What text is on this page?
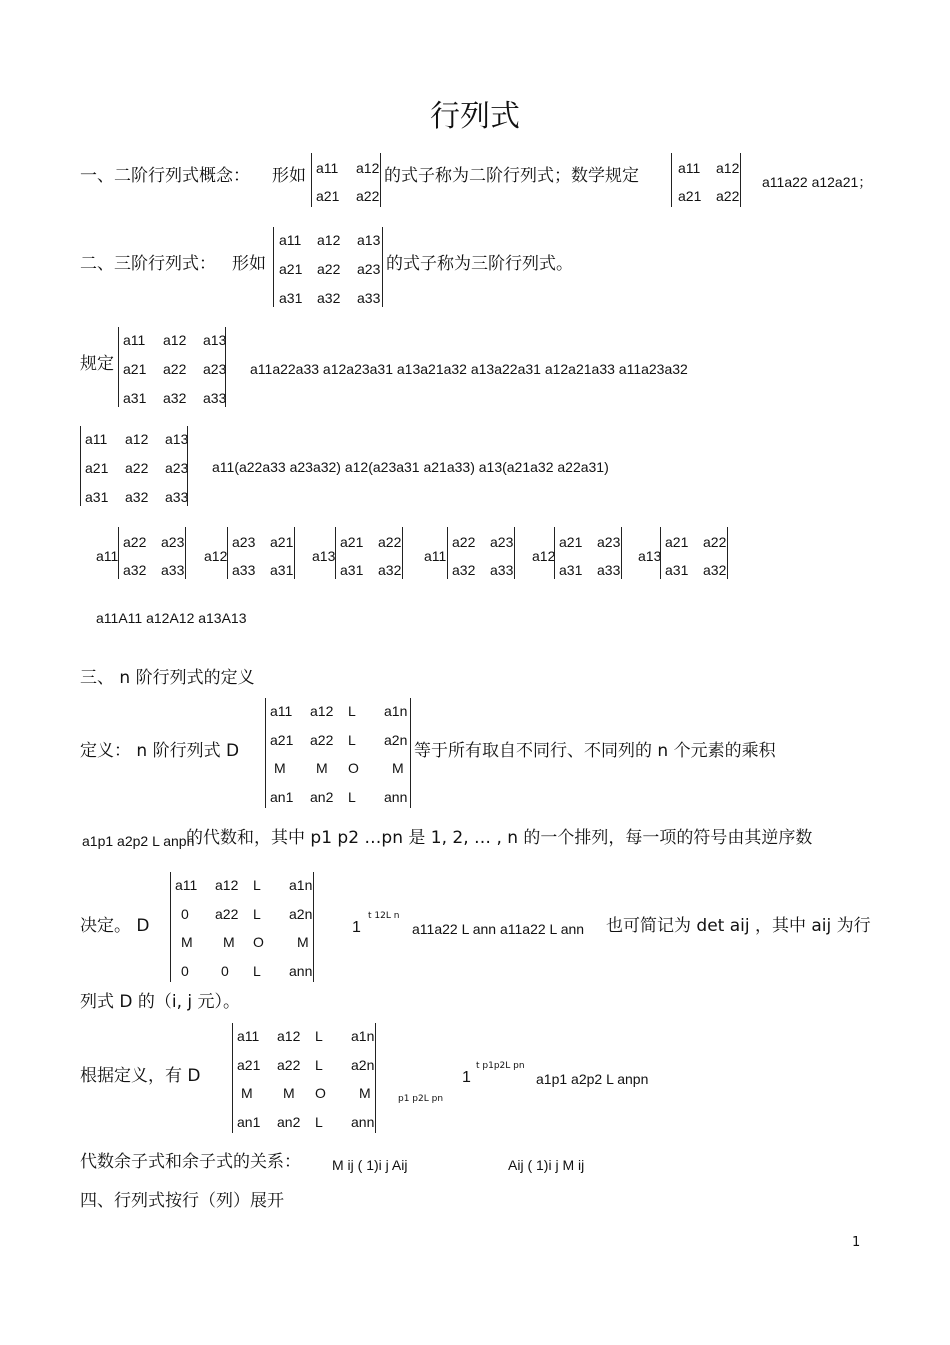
行列式
一、二阶行列式概念： 形如 a11 a12
a21 a22
的式子称为二阶行列式；数学规定	a11 a12
a21 a22
a11a22 a12a21；
二、三阶行列式： 形如
a11 a12 a13
a21 a22 a23
a31 a32 a33
的式子称为三阶行列式。
规定
a11 a12 a13
a21 a22 a23
a31 a32 a33
a11a22a33 a12a23a31 a13a21a32 a13a22a31 a12a21a33 a11a23a32
a11 a12 a13
a21 a22 a23
a31 a32 a33
a11(a22a33 a23a32) a12(a23a31 a21a33) a13(a21a32 a22a31)
a11
a22 a23
a32 a33
a12
a23 a21
a33 a31
a13
a21 a22
a31 a32
a11
a22 a23
a32 a33
a12
a21 a23
a31 a33
a13
a21 a22
a31 a32
a11A11 a12A12 a13A13
三、 n 阶行列式的定义
定义： n 阶行列式 D
a11 a12 L a1n
a21 a22 L a2n
M M O M
an1 an2 L ann
等于所有取自不同行、不同列的 n 个元素的乘积
a1p1 a2p2 L anpn
的代数和，其中 p1 p2 …pn 是 1, 2, … , n 的一个排列，每一项的符号由其逆序数
决定。 D
a11 a12 L a1n
0 a22 L a2n
M M O M
0 0 L ann
1
t 12L n
a11a22 L ann a11a22 L ann 也可简记为 det aij ，其中 aij 为行
列式 D 的（i, j 元）。
根据定义，有 D
a11 a12 L a1n
a21 a22 L a2n
M M O M
an1 an2 L ann
p1 p2L pn
1
t p1p2L pn
a1p1 a2p2 L anpn
代数余子式和余子式的关系： M ij ( 1)i j Aij	Aij ( 1)i j M ij
四、行列式按行（列）展开
1
